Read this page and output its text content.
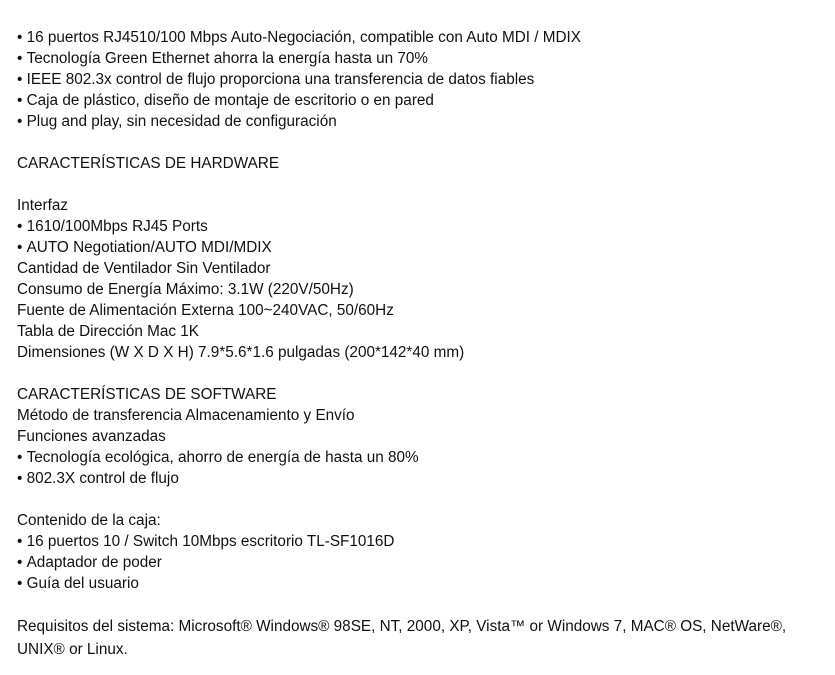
• 16 puertos RJ4510/100 Mbps Auto-Negociación, compatible con Auto MDI / MDIX
• Tecnología Green Ethernet ahorra la energía hasta un 70%
• IEEE 802.3x control de flujo proporciona una transferencia de datos fiables
• Caja de plástico, diseño de montaje de escritorio o en pared
• Plug and play, sin necesidad de configuración
CARACTERÍSTICAS DE HARDWARE
Interfaz
• 1610/100Mbps RJ45 Ports
• AUTO Negotiation/AUTO MDI/MDIX
Cantidad de Ventilador Sin Ventilador
Consumo de Energía Máximo: 3.1W (220V/50Hz)
Fuente de Alimentación Externa 100~240VAC, 50/60Hz
Tabla de Dirección Mac 1K
Dimensiones (W X D X H) 7.9*5.6*1.6 pulgadas (200*142*40 mm)
CARACTERÍSTICAS DE SOFTWARE
Método de transferencia Almacenamiento y Envío
Funciones avanzadas
• Tecnología ecológica, ahorro de energía de hasta un 80%
• 802.3X control de flujo
Contenido de la caja:
• 16 puertos 10 / Switch 10Mbps escritorio TL-SF1016D
• Adaptador de poder
• Guía del usuario
Requisitos del sistema: Microsoft® Windows® 98SE, NT, 2000, XP, Vista™ or Windows 7, MAC® OS, NetWare®, UNIX® or Linux.
